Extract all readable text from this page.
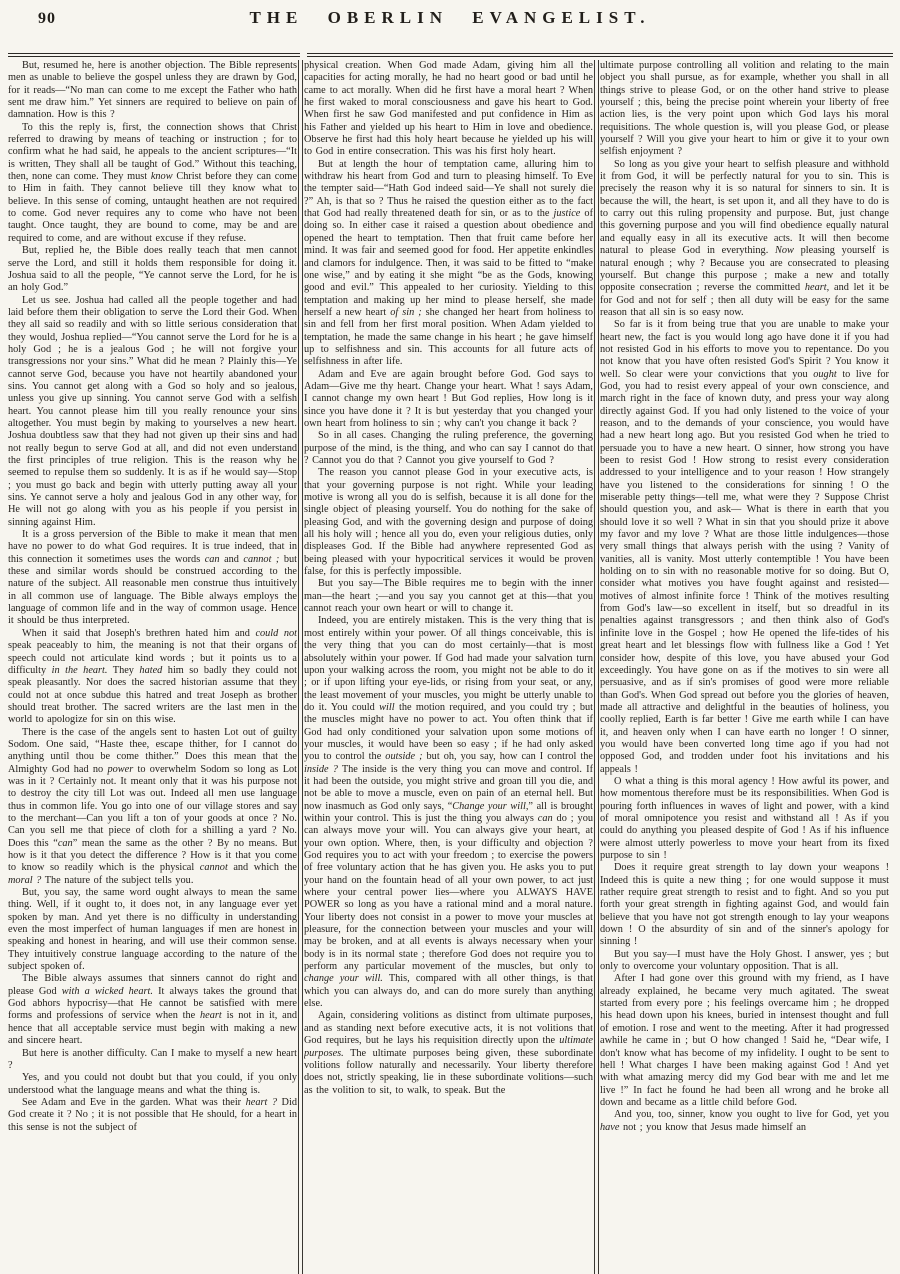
90	THE OBERLIN EVANGELIST.

But, resumed he, here is another objection. The Bible represents men as unable to believe the gospel unless they are drawn by God, for it reads—“No man can come to me except the Father who hath sent me draw him.” Yet sinners are required to believe on pain of damnation. How is this ?

To this the reply is, first, the connection shows that Christ referred to drawing by means of teaching or instruction ; for to confirm what he had said, he appeals to the ancient scriptures—“It is written, They shall all be taught of God.” Without this teaching, then, none can come. They must know Christ before they can come to Him in faith. They cannot believe till they know what to believe. In this sense of coming, untaught heathen are not required to come. God never requires any to come who have not been taught. Once taught, they are bound to come, may be and are required to come, and are without excuse if they refuse.

But, replied he, the Bible does really teach that men cannot serve the Lord, and still it holds them responsible for doing it. Joshua said to all the people, “Ye cannot serve the Lord, for he is an holy God.”

Let us see. Joshua had called all the people together and had laid before them their obligation to serve the Lord their God. When they all said so readily and with so little serious consideration that they would, Joshua replied—“You cannot serve the Lord for he is a holy God ; he is a jealous God ; he will not forgive your transgressions nor your sins.” What did he mean ? Plainly this—Ye cannot serve God, because you have not heartily abandoned your sins. You cannot get along with a God so holy and so jealous, unless you give up sinning. You cannot serve God with a selfish heart. You cannot please him till you really renounce your sins altogether. You must begin by making to yourselves a new heart. Joshua doubtless saw that they had not given up their sins and had not really begun to serve God at all, and did not even understand the first principles of true religion. This is the reason why he seemed to repulse them so suddenly. It is as if he would say—Stop ; you must go back and begin with utterly putting away all your sins. Ye cannot serve a holy and jealous God in any other way, for He will not go along with you as his people if you persist in sinning against Him.

It is a gross perversion of the Bible to make it mean that men have no power to do what God requires. It is true indeed, that in this connection it sometimes uses the words can and cannot ; but these and similar words should be construed according to the nature of the subject. All reasonable men construe thus intuitively in all common use of language. The Bible always employs the language of common life and in the way of common usage. Hence it should be thus interpreted.

When it said that Joseph's brethren hated him and could not speak peaceably to him, the meaning is not that their organs of speech could not articulate kind words ; but it points us to a difficulty in the heart. They hated him so badly they could not speak pleasantly. Nor does the sacred historian assume that they could not at once subdue this hatred and treat Joseph as brother should treat brother. The sacred writers are the last men in the world to apologize for sin on this wise.

There is the case of the angels sent to hasten Lot out of guilty Sodom. One said, “Haste thee, escape thither, for I cannot do anything until thou be come thither.” Does this mean that the Almighty God had no power to overwhelm Sodom so long as Lot was in it ? Certainly not. It meant only that it was his purpose not to destroy the city till Lot was out. Indeed all men use language thus in common life. You go into one of our village stores and say to the merchant—Can you lift a ton of your goods at once ? No. Can you sell me that piece of cloth for a shilling a yard ? No. Does this “can” mean the same as the other ? By no means. But how is it that you detect the difference ? How is it that you come to know so readily which is the physical cannot and which the moral ? The nature of the subject tells you.

But, you say, the same word ought always to mean the same thing. Well, if it ought to, it does not, in any language ever yet spoken by man. And yet there is no difficulty in understanding even the most imperfect of human languages if men are honest in speaking and honest in hearing, and will use their common sense. They intuitively construe language according to the nature of the subject spoken of.

The Bible always assumes that sinners cannot do right and please God with a wicked heart. It always takes the ground that God abhors hypocrisy—that He cannot be satisfied with mere forms and professions of service when the heart is not in it, and hence that all acceptable service must begin with making a new and sincere heart.

But here is another difficulty. Can I make to myself a new heart ?

Yes, and you could not doubt but that you could, if you only understood what the language means and what the thing is.

See Adam and Eve in the garden. What was their heart ? Did God create it ? No ; it is not possible that He should, for a heart in this sense is not the subject of

physical creation. When God made Adam, giving him all the capacities for acting morally, he had no heart good or bad until he came to act morally. When did he first have a moral heart ? When he first waked to moral consciousness and gave his heart to God. When first he saw God manifested and put confidence in Him as his Father and yielded up his heart to Him in love and obedience. Observe he first had this holy heart because he yielded up his will to God in entire consecration. This was his first holy heart.

But at length the hour of temptation came, alluring him to withdraw his heart from God and turn to pleasing himself. To Eve the tempter said—“Hath God indeed said—Ye shall not surely die ?” Ah, is that so ? Thus he raised the question either as to the fact that God had really threatened death for sin, or as to the justice of doing so. In either case it raised a question about obedience and opened the heart to temptation. Then that fruit came before her mind. It was fair and seemed good for food. Her appetite enkindles and clamors for indulgence. Then, it was said to be fitted to “make one wise,” and by eating it she might “be as the Gods, knowing good and evil.” This appealed to her curiosity. Yielding to this temptation and making up her mind to please herself, she made herself a new heart of sin ; she changed her heart from holiness to sin and fell from her first moral position. When Adam yielded to temptation, he made the same change in his heart ; he gave himself up to selfishness and sin. This accounts for all future acts of selfishness in after life.

Adam and Eve are again brought before God. God says to Adam—Give me thy heart. Change your heart. What ! says Adam, I cannot change my own heart ! But God replies, How long is it since you have done it ? It is but yesterday that you changed your own heart from holiness to sin ; why can't you change it back ?

So in all cases. Changing the ruling preference, the governing purpose of the mind, is the thing, and who can say I cannot do that ? Cannot you do that ? Cannot you give yourself to God ?

The reason you cannot please God in your executive acts, is that your governing purpose is not right. While your leading motive is wrong all you do is selfish, because it is all done for the single object of pleasing yourself. You do nothing for the sake of pleasing God, and with the governing design and purpose of doing all his holy will ; hence all you do, even your religious duties, only displeases God. If the Bible had anywhere represented God as being pleased with your hypocritical services it would be proven false, for this is perfectly impossible.

But you say—The Bible requires me to begin with the inner man—the heart ;—and you say you cannot get at this—that you cannot reach your own heart or will to change it.

Indeed, you are entirely mistaken. This is the very thing that is most entirely within your power. Of all things conceivable, this is the very thing that you can do most certainly—that is most absolutely within your power. If God had made your salvation turn upon your walking across the room, you might not be able to do it ; or if upon lifting your eye-lids, or rising from your seat, or any, the least movement of your muscles, you might be utterly unable to do it. You could will the motion required, and you could try ; but the muscles might have no power to act. You often think that if God had only conditioned your salvation upon some motions of your muscles, it would have been so easy ; if he had only asked you to control the outside ; but oh, you say, how can I control the inside ? The inside is the very thing you can move and control. If it had been the outside, you might strive and groan till you die, and not be able to move a muscle, even on pain of an eternal hell. But now inasmuch as God only says, “Change your will,” all is brought within your control. This is just the thing you always can do ; you can always move your will. You can always give your heart, at your own option. Where, then, is your difficulty and objection ? God requires you to act with your freedom ; to exercise the powers of free voluntary action that he has given you. He asks you to put your hand on the fountain head of all your own power, to act just where your central power lies—where you ALWAYS HAVE POWER so long as you have a rational mind and a moral nature. Your liberty does not consist in a power to move your muscles at pleasure, for the connection between your muscles and your will may be broken, and at all events is always necessary when your body is in its normal state ; therefore God does not require you to perform any particular movement of the muscles, but only to change your will. This, compared with all other things, is that which you can always do, and can do more surely than anything else.

Again, considering volitions as distinct from ultimate purposes, and as standing next before executive acts, it is not volitions that God requires, but he lays his requisition directly upon the ultimate purposes. The ultimate purposes being given, these subordinate volitions follow naturally and necessarily. Your liberty therefore does not, strictly speaking, lie in these subordinate volitions—such as the volition to sit, to walk, to speak. But the

ultimate purpose controlling all volition and relating to the main object you shall pursue, as for example, whether you shall in all things strive to please God, or on the other hand strive to please yourself ; this, being the precise point wherein your liberty of free action lies, is the very point upon which God lays his moral requisitions. The whole question is, will you please God, or please yourself ? Will you give your heart to him or give it to your own selfish enjoyment ?

So long as you give your heart to selfish pleasure and withhold it from God, it will be perfectly natural for you to sin. This is precisely the reason why it is so natural for sinners to sin. It is because the will, the heart, is set upon it, and all they have to do is to carry out this ruling propensity and purpose. But, just change this governing purpose and you will find obedience equally natural and equally easy in all its executive acts. It will then become natural to please God in everything. Now pleasing yourself is natural enough ; why ? Because you are consecrated to pleasing yourself. But change this purpose ; make a new and totally opposite consecration ; reverse the committed heart, and let it be for God and not for self ; then all duty will be easy for the same reason that all sin is so easy now.

So far is it from being true that you are unable to make your heart new, the fact is you would long ago have done it if you had not resisted God in his efforts to move you to repentance. Do you not know that you have often resisted God's Spirit ? You know it well. So clear were your convictions that you ought to live for God, you had to resist every appeal of your own conscience, and march right in the face of known duty, and press your way along directly against God. If you had only listened to the voice of your reason, and to the demands of your conscience, you would have had a new heart long ago. But you resisted God when he tried to persuade you to have a new heart. O sinner, how strong you have been to resist God ! How strong to resist every consideration addressed to your intelligence and to your reason ! How strangely have you listened to the considerations for sinning ! O the miserable petty things—tell me, what were they ? Suppose Christ should question you, and ask— What is there in earth that you should love it so well ? What in sin that you should prize it above my favor and my love ? What are those little indulgences—those very small things that always perish with the using ? Vanity of vanities, all is vanity. Most utterly contemptible ! You have been holding on to sin with no reasonable motive for so doing. But O, consider what motives you have fought against and resisted—motives of almost infinite force ! Think of the motives resulting from God's law—so excellent in itself, but so dreadful in its penalties against transgressors ; and then think also of God's infinite love in the Gospel ; how He opened the life-tides of his great heart and let blessings flow with fullness like a God ! Yet consider how, despite of this love, you have abused your God exceedingly. You have gone on as if the motives to sin were all persuasive, and as if sin's promises of good were more reliable than God's. When God spread out before you the glories of heaven, made all attractive and delightful in the beauties of holiness, you coolly replied, Earth is far better ! Give me earth while I can have it, and heaven only when I can have earth no longer ! O sinner, you would have been converted long time ago if you had not opposed God, and trodden under foot his invitations and his appeals !

O what a thing is this moral agency ! How awful its power, and how momentous therefore must be its responsibilities. When God is pouring forth influences in waves of light and power, with a kind of moral omnipotence you resist and withstand all ! As if you could do anything you pleased despite of God ! As if his influence were almost utterly powerless to move your heart from its fixed purpose to sin !

Does it require great strength to lay down your weapons ! Indeed this is quite a new thing ; for one would suppose it must rather require great strength to resist and to fight. And so you put forth your great strength in fighting against God, and would fain believe that you have not got strength enough to lay your weapons down ! O the absurdity of sin and of the sinner's apology for sinning !

But you say—I must have the Holy Ghost. I answer, yes ; but only to overcome your voluntary opposition. That is all.

After I had gone over this ground with my friend, as I have already explained, he became very much agitated. The sweat started from every pore ; his feelings overcame him ; he dropped his head down upon his knees, buried in intensest thought and full of emotion. I rose and went to the meeting. After it had progressed awhile he came in ; but O how changed ! Said he, “Dear wife, I don't know what has become of my infidelity. I ought to be sent to hell ! What charges I have been making against God ! And yet with what amazing mercy did my God bear with me and let me live !” In fact he found he had been all wrong and he broke all down and became as a little child before God.

And you, too, sinner, know you ought to live for God, yet you have not ; you know that Jesus made himself an
